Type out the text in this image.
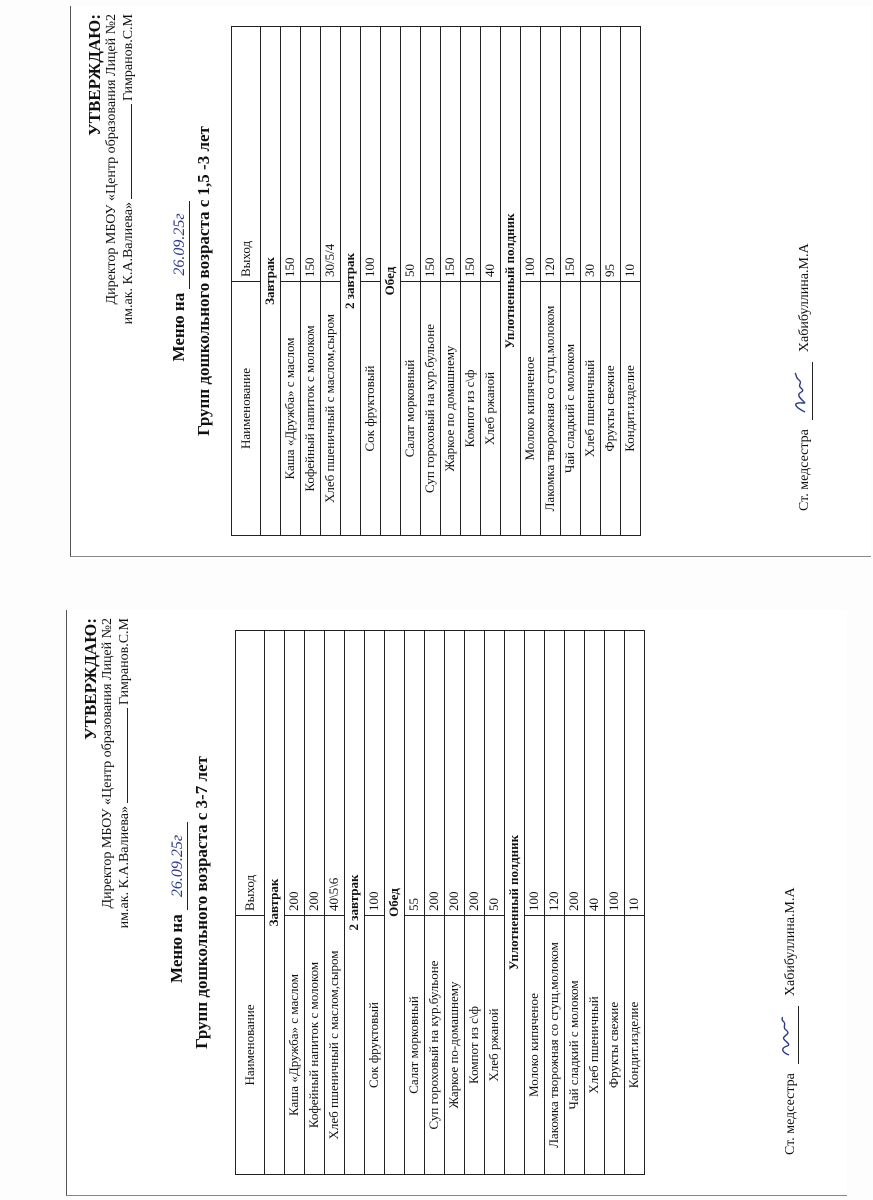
УТВЕРЖДАЮ: Директор МБОУ «Центр образования Лицей №2 им.ак. К.А.Валиева»Гимранов.С.М
Меню на 26.09.25г Групп дошкольного возраста с 1,5 -3 лет Наименование	Выход
Завтрак	
Каша «Дружба» с маслом	150
Кофейный напиток с молоком	150
Хлеб пшеничный с маслом,сыром	30/5/4
2 завтрак	
Сок фруктовый	100
Обед	
Салат морковный	50
Суп гороховый на кур.бульоне	150
Жаркое по домашнему	150
Компот из с\ф	150
Хлеб ржаной	40
Уплотненный полдник	
Молоко кипяченое	100
Лакомка творожная со сгущ.молоком	120
Чай сладкий с молоком	150
Хлеб пшеничный	30
Фрукты свежие	95
Кондит.изделие	10
Ст. медсестра
Хабибуллина.М.А
УТВЕРЖДАЮ: Директор МБОУ «Центр образования Лицей №2 им.ак. К.А.Валиева»Гимранов.С.М
Меню на 26.09.25г Групп дошкольного возраста с 3-7 лет Наименование	Выход
Завтрак	
Каша «Дружба» с маслом	200
Кофейный напиток с молоком	200
Хлеб пшеничный с маслом,сыром	40\5\6
2 завтрак	
Сок фруктовый	100
Обед	
Салат морковный	55
Суп гороховый на кур.бульоне	200
Жаркое по-домашнему	200
Компот из с\ф	200
Хлеб ржаной	50
Уплотненный полдник	
Молоко кипяченое	100
Лакомка творожная со сгущ.молоком	120
Чай сладкий с молоком	200
Хлеб пшеничный	40
Фрукты свежие	100
Кондит.изделие	10
Ст. медсестра
Хабибуллина.М.А
